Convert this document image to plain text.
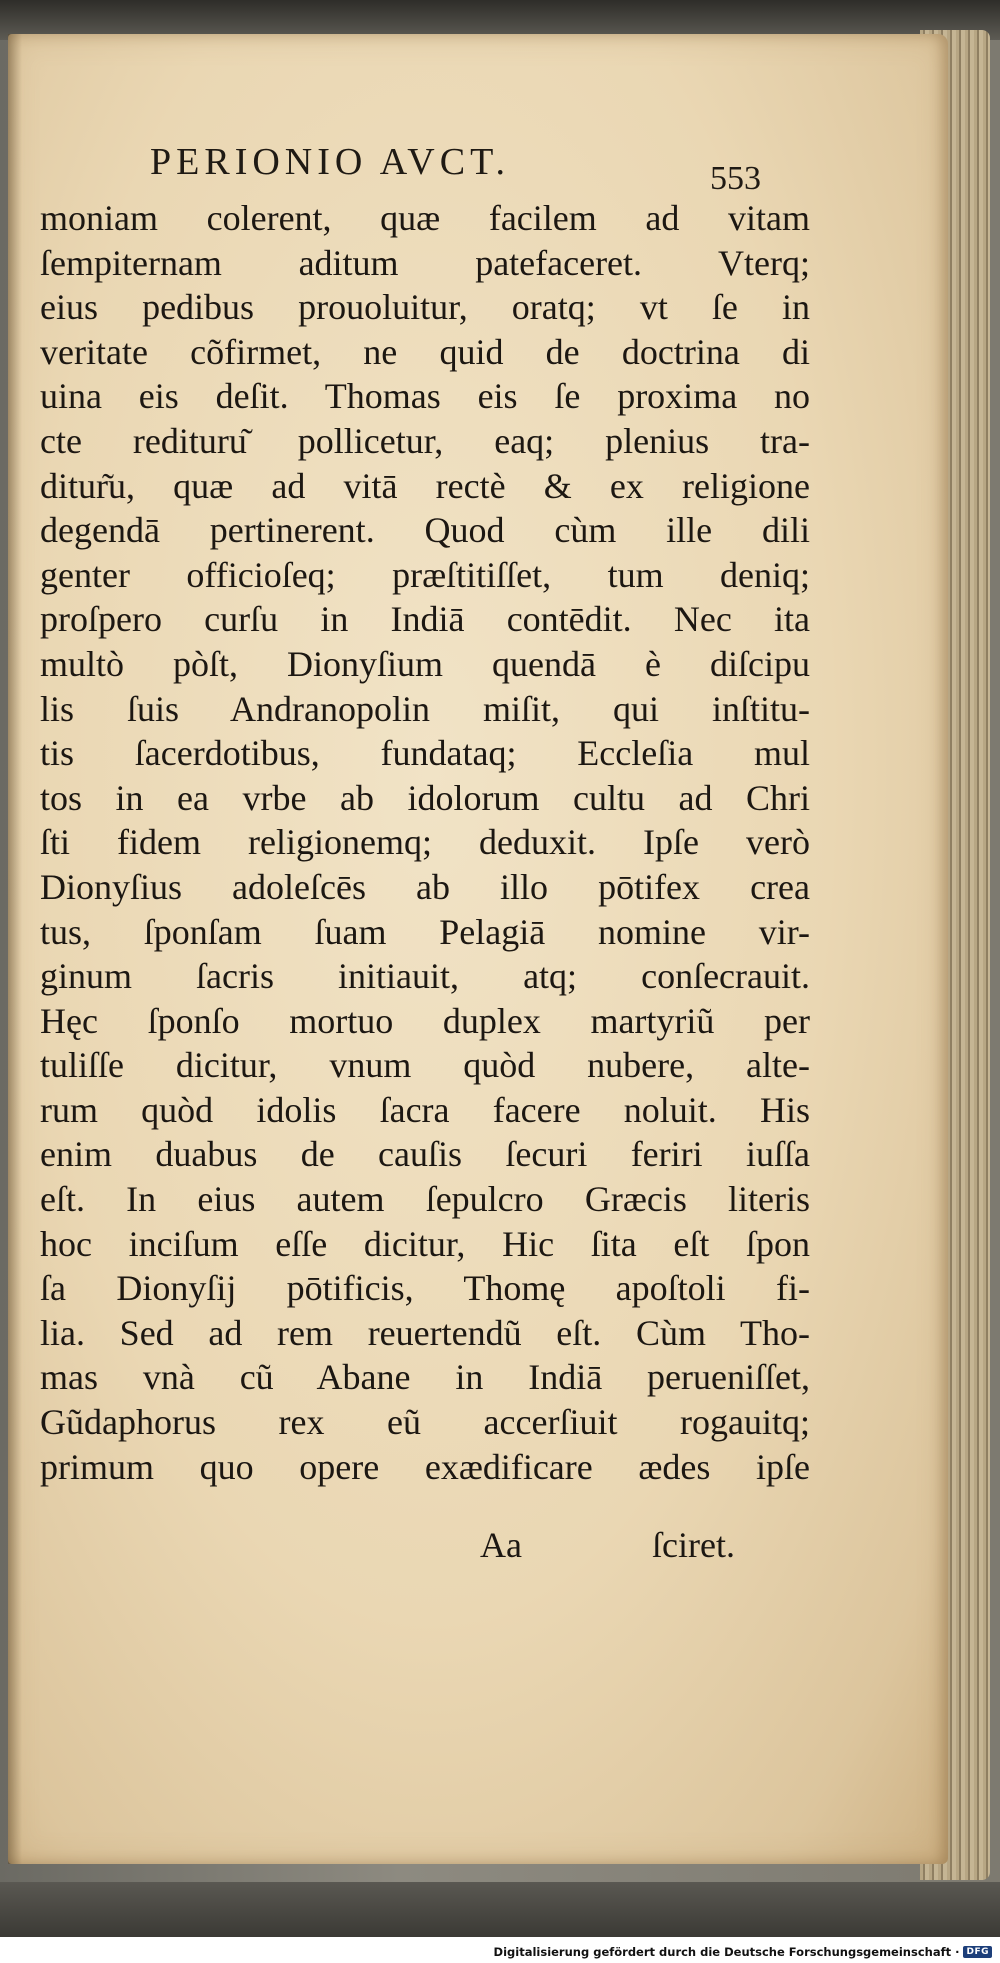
PERIONIO AVCT.	553
moniam colerent, quæ facilem ad vitam
ſempiternam aditum patefaceret. Vterq;
eius pedibus prouoluitur, oratq; vt ſe in
veritate cõfirmet, ne quid de doctrina di
uina eis deſit. Thomas eis ſe proxima no
cte redituru͂ pollicetur, eaq; plenius tra-
ditur͂u, quæ ad vitā rectè & ex religione
degendā pertinerent. Quod cùm ille dili
genter officioſeq; præſtitiſſet, tum deniq;
proſpero curſu in Indiā contēdit. Nec ita
multò pòſt, Dionyſium quendā è diſcipu
lis ſuis Andranopolin miſit, qui inſtitu-
tis ſacerdotibus, fundataq; Eccleſia mul
tos in ea vrbe ab idolorum cultu ad Chri
ſti fidem religionemq; deduxit. Ipſe verò
Dionyſius adoleſcēs ab illo pōtifex crea
tus, ſponſam ſuam Pelagiā nomine vir-
ginum ſacris initiauit, atq; conſecrauit.
Hęc ſponſo mortuo duplex martyriũ per
tuliſſe dicitur, vnum quòd nubere, alte-
rum quòd idolis ſacra facere noluit. His
enim duabus de cauſis ſecuri feriri iuſſa
eſt. In eius autem ſepulcro Græcis literis
hoc inciſum eſſe dicitur, Hic ſita eſt ſpon
ſa Dionyſij pōtificis, Thomę apoſtoli fi-
lia. Sed ad rem reuertendũ eſt. Cùm Tho-
mas vnà cũ Abane in Indiā perueniſſet,
Gũdaphorus rex eũ accerſiuit rogauitq;
primum quo opere exædificare ædes ipſe
Aa	ſciret.
Digitalisierung gefördert durch die Deutsche Forschungsgemeinschaft · DFG
